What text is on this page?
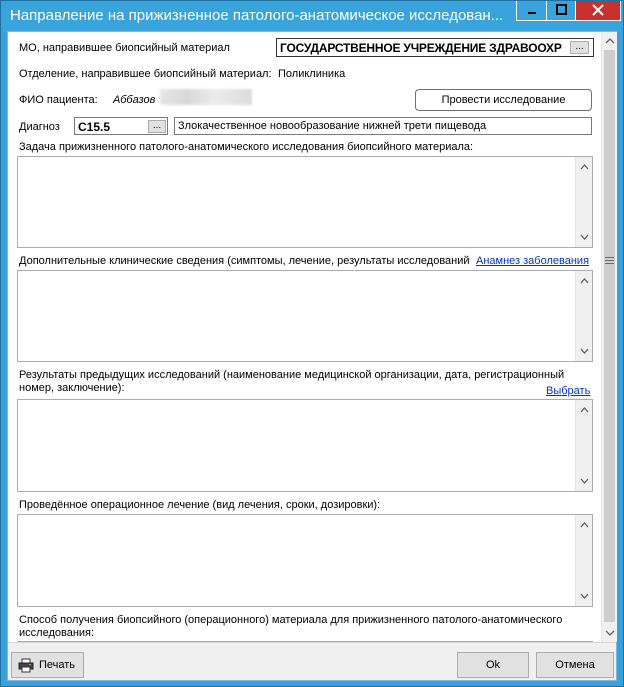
Направление на прижизненное патолого-анатомическое исследован...
МО, направившее биопсийный материал	ГОСУДАРСТВЕННОЕ УЧРЕЖДЕНИЕ ЗДРАВООХР	...
Отделение, направившее биопсийный материал: Поликлиника
ФИО пациента: Аббазов	Провести исследование
Диагноз	C15.5	...	Злокачественное новообразование нижней трети пищевода
Задача прижизненного патолого-анатомического исследования биопсийного материала:
Дополнительные клинические сведения (симптомы, лечение, результаты исследований Анамнез заболевания
Результаты предыдущих исследований (наименование медицинской организации, дата, регистрационный
номер, заключение):	Выбрать
Проведённое операционное лечение (вид лечения, сроки, дозировки):
Способ получения биопсийного (операционного) материала для прижизненного патолого-анатомического
исследования:
Печать	Ok	Отмена
